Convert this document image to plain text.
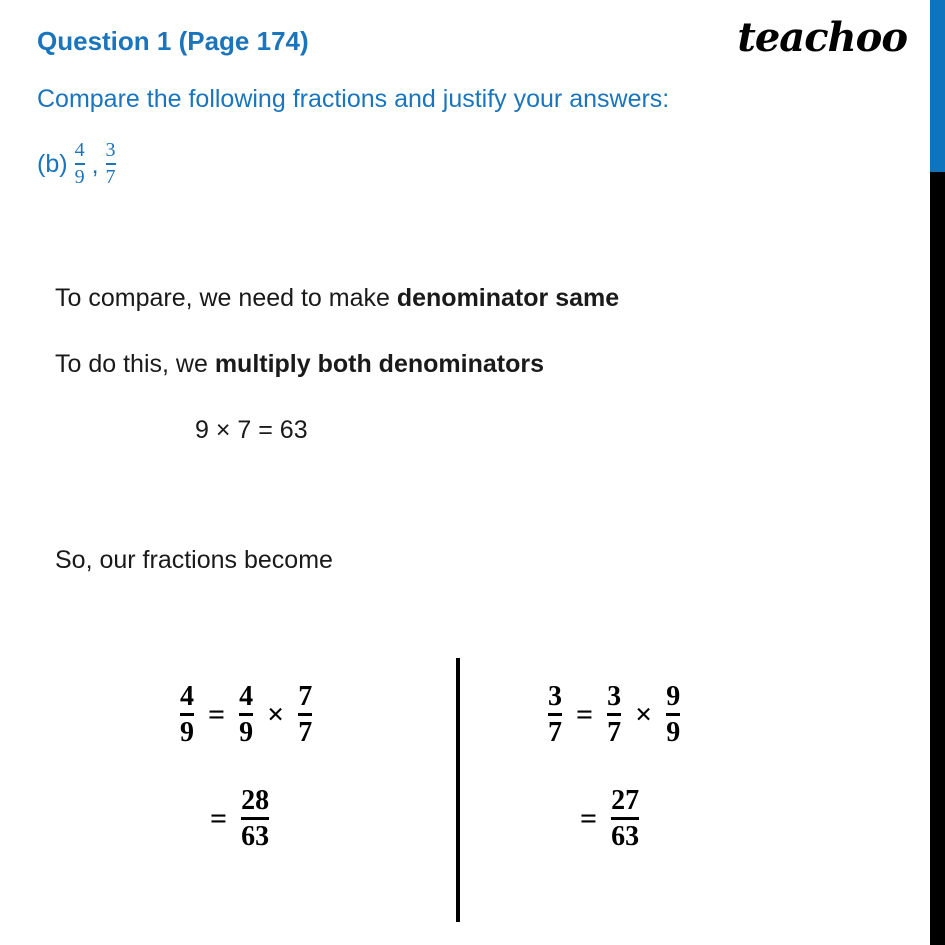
Question 1 (Page 174)	teachoo
Compare the following fractions and justify your answers:
$(b) \frac{4}{9}$ , $\frac{3}{7}$
To compare, we need to make denominator same
To do this, we multiply both denominators
9 × 7 = 63
So, our fractions become
$\frac{4}{9} = \frac{4}{9} \times \frac{7}{7}$
= $\frac{28}{63}$
$\frac{3}{7} = \frac{3}{7} \times \frac{9}{9}$
= $\frac{27}{63}$
